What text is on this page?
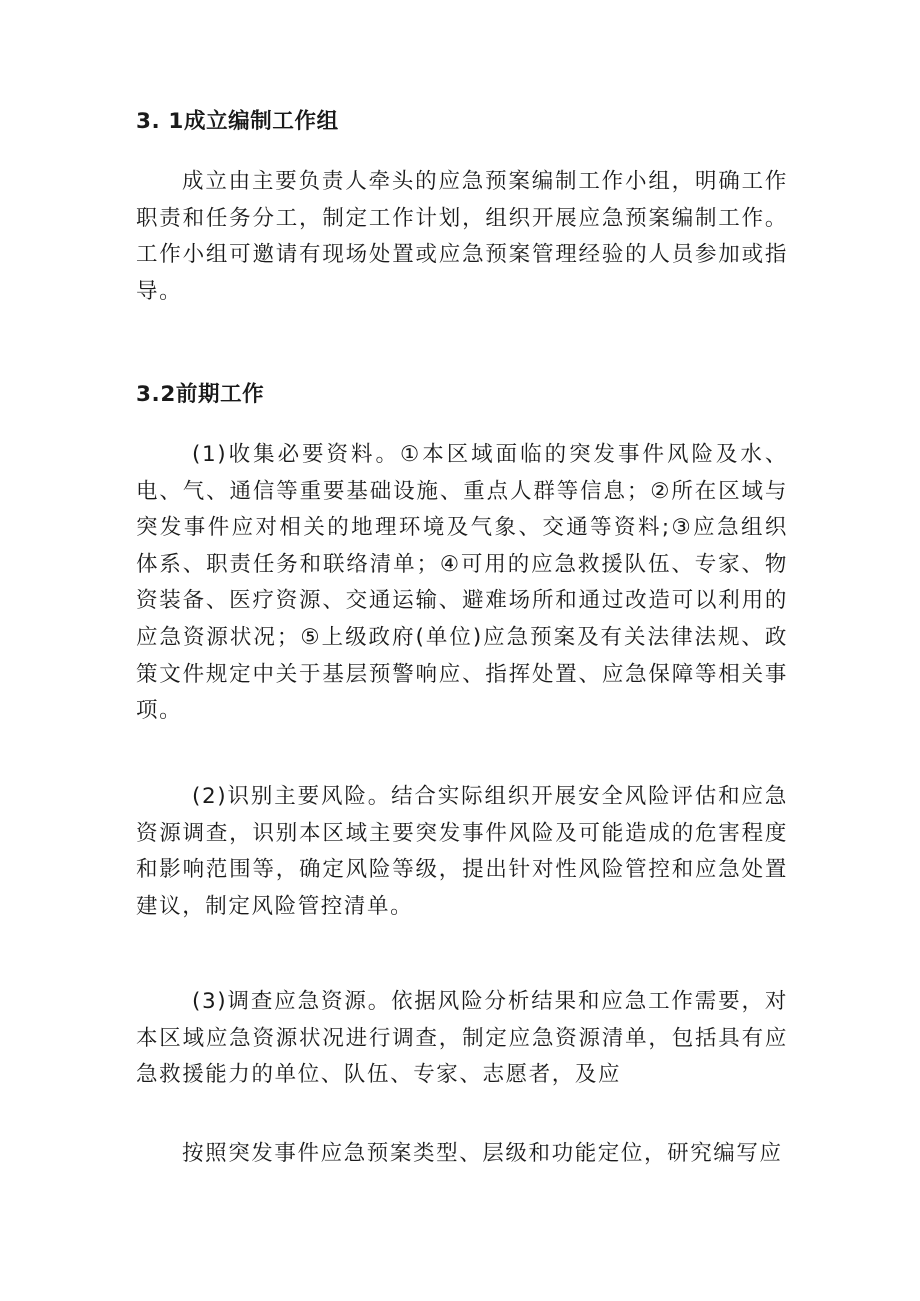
3. 1成立编制工作组

成立由主要负责人牵头的应急预案编制工作小组，明确工作职责和任务分工，制定工作计划，组织开展应急预案编制工作。工作小组可邀请有现场处置或应急预案管理经验的人员参加或指导。

3.2前期工作

(1)收集必要资料。①本区域面临的突发事件风险及水、电、气、通信等重要基础设施、重点人群等信息；②所在区域与突发事件应对相关的地理环境及气象、交通等资料;③应急组织体系、职责任务和联络清单；④可用的应急救援队伍、专家、物资装备、医疗资源、交通运输、避难场所和通过改造可以利用的应急资源状况；⑤上级政府(单位)应急预案及有关法律法规、政策文件规定中关于基层预警响应、指挥处置、应急保障等相关事项。

(2)识别主要风险。结合实际组织开展安全风险评估和应急资源调查，识别本区域主要突发事件风险及可能造成的危害程度和影响范围等，确定风险等级，提出针对性风险管控和应急处置建议，制定风险管控清单。

(3)调查应急资源。依据风险分析结果和应急工作需要，对本区域应急资源状况进行调查，制定应急资源清单，包括具有应急救援能力的单位、队伍、专家、志愿者，及应

按照突发事件应急预案类型、层级和功能定位，研究编写应
